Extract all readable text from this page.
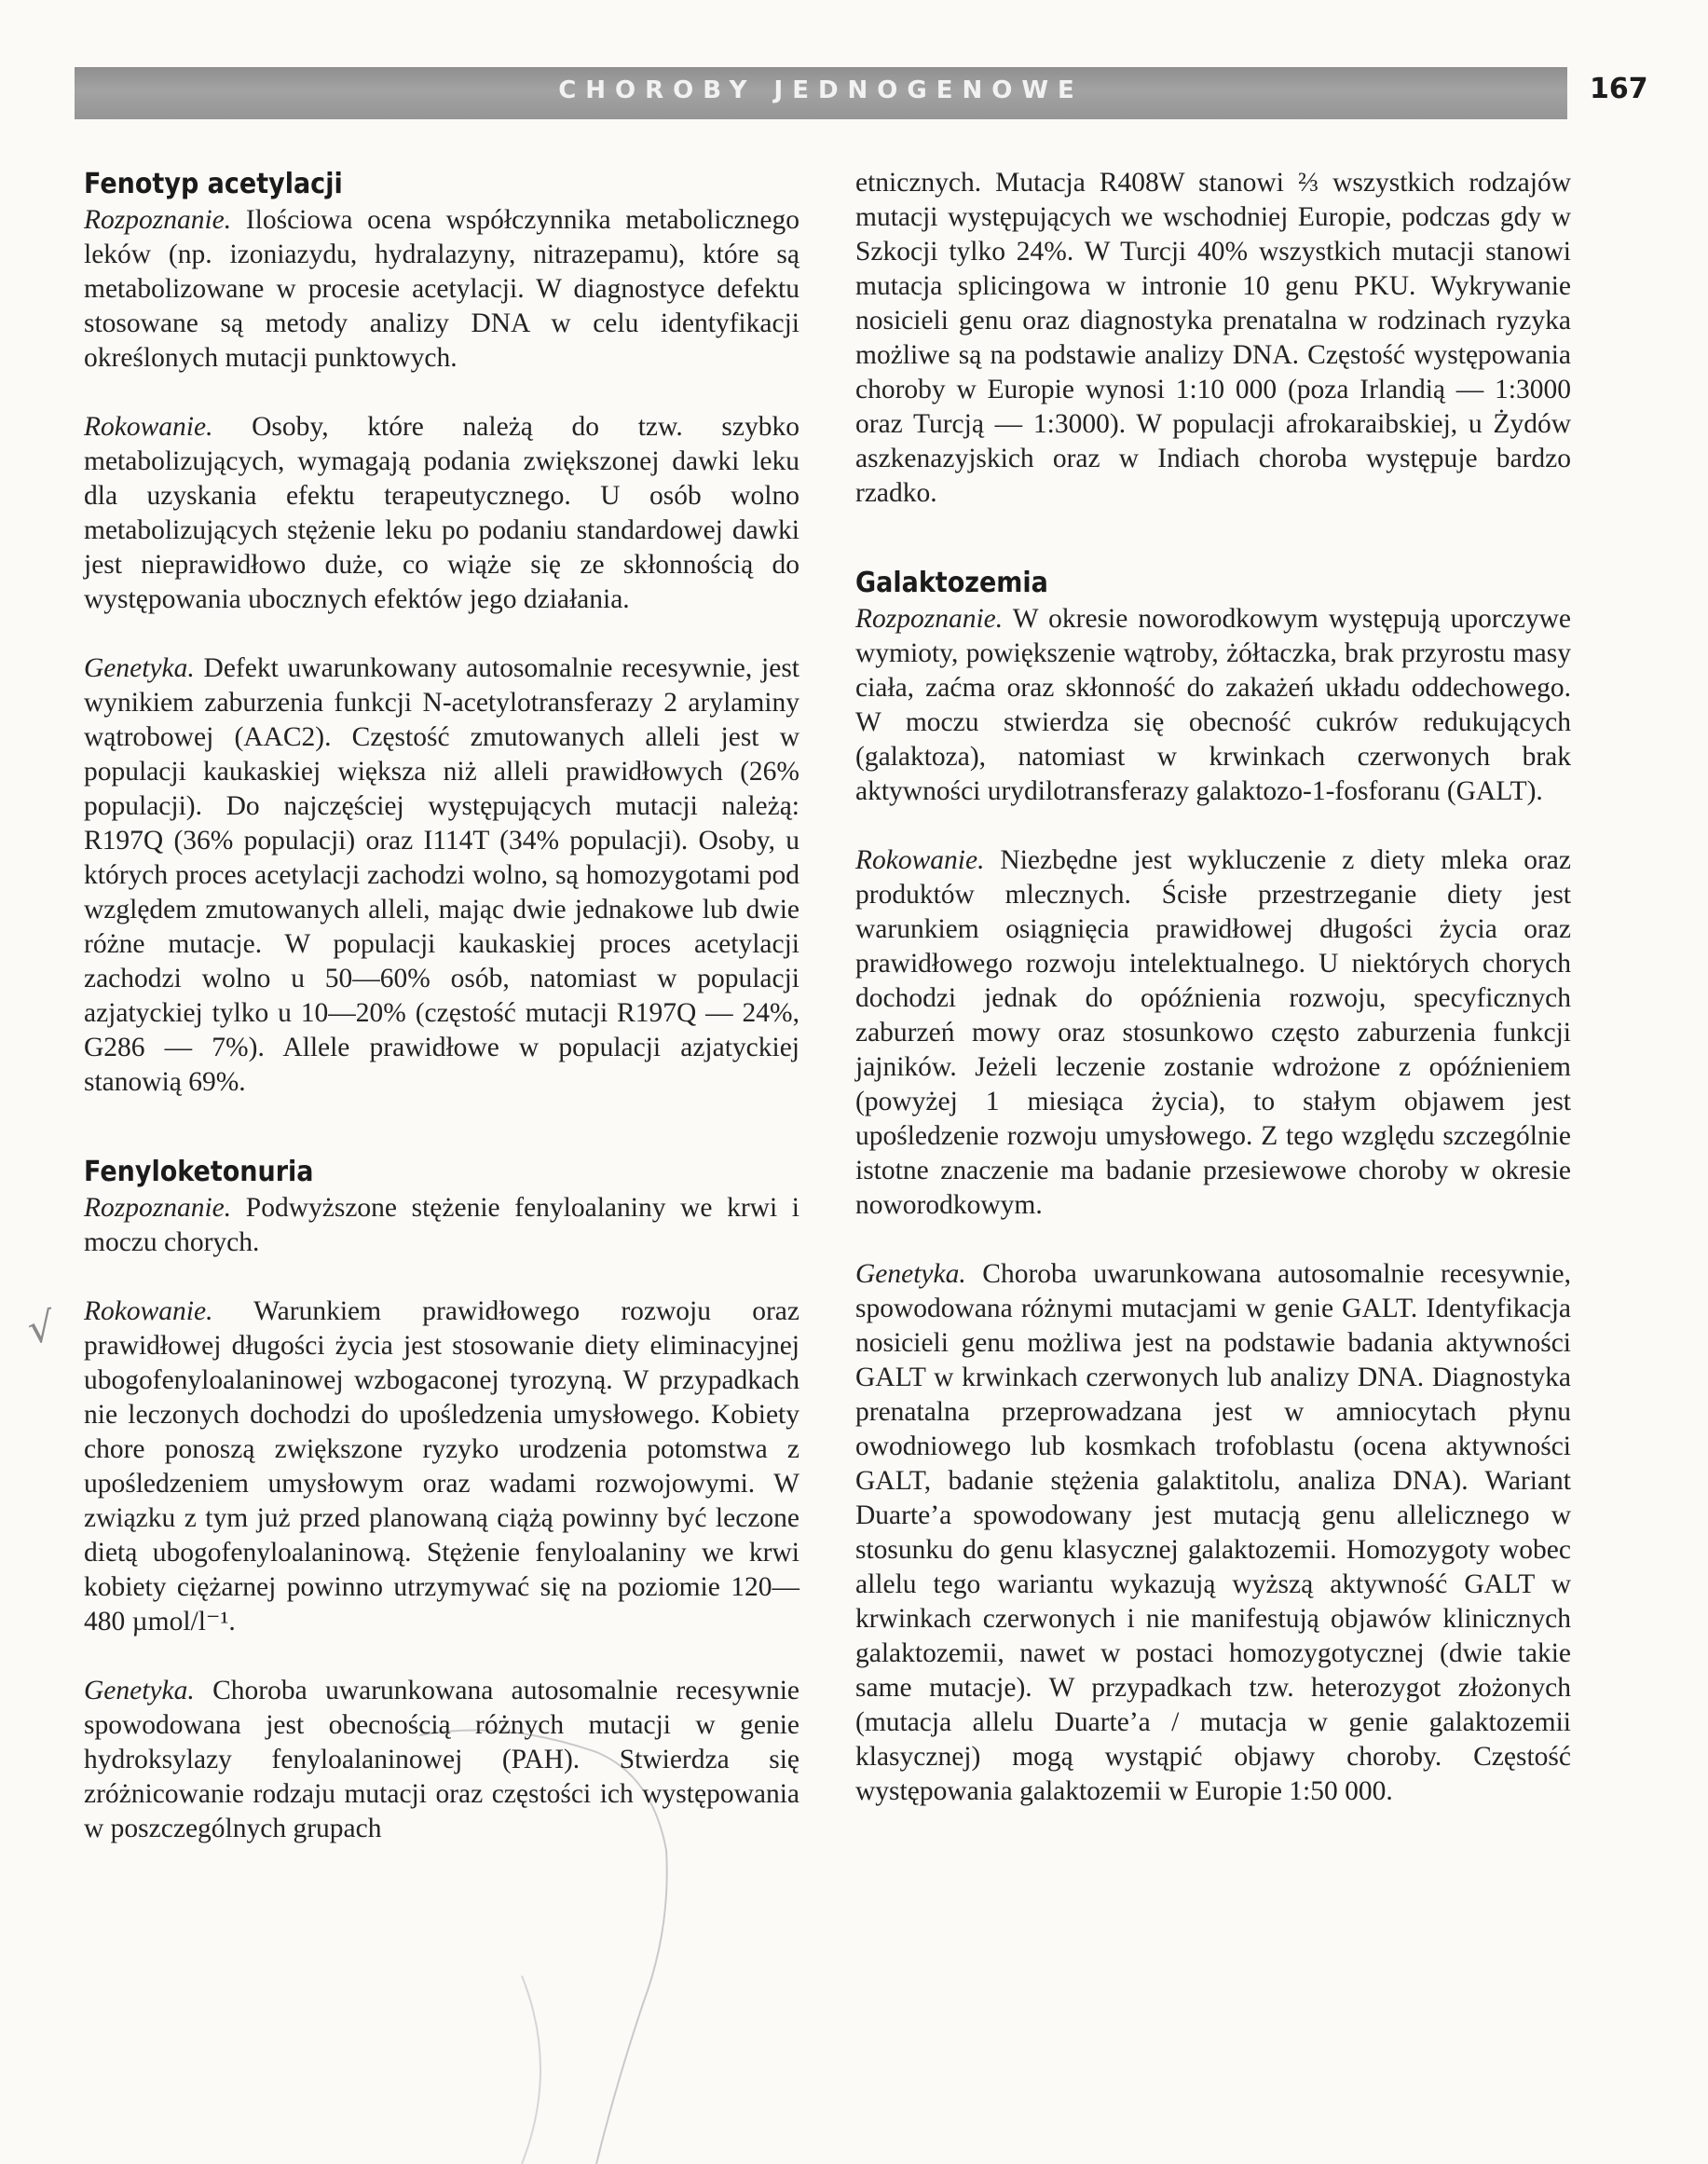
CHOROBY JEDNOGENOWE	167
√
Fenotyp acetylacji

Rozpoznanie. Ilościowa ocena współczynnika metabolicznego leków (np. izoniazydu, hydralazyny, nitrazepamu), które są metabolizowane w procesie acetylacji. W diagnostyce defektu stosowane są metody analizy DNA w celu identyfikacji określonych mutacji punktowych.

Rokowanie. Osoby, które należą do tzw. szybko metabolizujących, wymagają podania zwiększonej dawki leku dla uzyskania efektu terapeutycznego. U osób wolno metabolizujących stężenie leku po podaniu standardowej dawki jest nieprawidłowo duże, co wiąże się ze skłonnością do występowania ubocznych efektów jego działania.

Genetyka. Defekt uwarunkowany autosomalnie recesywnie, jest wynikiem zaburzenia funkcji N-acetylotransferazy 2 arylaminy wątrobowej (AAC2). Częstość zmutowanych alleli jest w populacji kaukaskiej większa niż alleli prawidłowych (26% populacji). Do najczęściej występujących mutacji należą: R197Q (36% populacji) oraz I114T (34% populacji). Osoby, u których proces acetylacji zachodzi wolno, są homozygotami pod względem zmutowanych alleli, mając dwie jednakowe lub dwie różne mutacje. W populacji kaukaskiej proces acetylacji zachodzi wolno u 50—60% osób, natomiast w populacji azjatyckiej tylko u 10—20% (częstość mutacji R197Q — 24%, G286 — 7%). Allele prawidłowe w populacji azjatyckiej stanowią 69%.

Fenyloketonuria

Rozpoznanie. Podwyższone stężenie fenyloalaniny we krwi i moczu chorych.

Rokowanie. Warunkiem prawidłowego rozwoju oraz prawidłowej długości życia jest stosowanie diety eliminacyjnej ubogofenyloalaninowej wzbogaconej tyrozyną. W przypadkach nie leczonych dochodzi do upośledzenia umysłowego. Kobiety chore ponoszą zwiększone ryzyko urodzenia potomstwa z upośledzeniem umysłowym oraz wadami rozwojowymi. W związku z tym już przed planowaną ciążą powinny być leczone dietą ubogofenyloalaninową. Stężenie fenyloalaniny we krwi kobiety ciężarnej powinno utrzymywać się na poziomie 120—480 µmol/l⁻¹.

Genetyka. Choroba uwarunkowana autosomalnie recesywnie spowodowana jest obecnością różnych mutacji w genie hydroksylazy fenyloalaninowej (PAH). Stwierdza się zróżnicowanie rodzaju mutacji oraz częstości ich występowania w poszczególnych grupach

etnicznych. Mutacja R408W stanowi ⅔ wszystkich rodzajów mutacji występujących we wschodniej Europie, podczas gdy w Szkocji tylko 24%. W Turcji 40% wszystkich mutacji stanowi mutacja splicingowa w intronie 10 genu PKU. Wykrywanie nosicieli genu oraz diagnostyka prenatalna w rodzinach ryzyka możliwe są na podstawie analizy DNA. Częstość występowania choroby w Europie wynosi 1:10 000 (poza Irlandią — 1:3000 oraz Turcją — 1:3000). W populacji afrokaraibskiej, u Żydów aszkenazyjskich oraz w Indiach choroba występuje bardzo rzadko.

Galaktozemia

Rozpoznanie. W okresie noworodkowym występują uporczywe wymioty, powiększenie wątroby, żółtaczka, brak przyrostu masy ciała, zaćma oraz skłonność do zakażeń układu oddechowego. W moczu stwierdza się obecność cukrów redukujących (galaktoza), natomiast w krwinkach czerwonych brak aktywności urydilotransferazy galaktozo-1-fosforanu (GALT).

Rokowanie. Niezbędne jest wykluczenie z diety mleka oraz produktów mlecznych. Ścisłe przestrzeganie diety jest warunkiem osiągnięcia prawidłowej długości życia oraz prawidłowego rozwoju intelektualnego. U niektórych chorych dochodzi jednak do opóźnienia rozwoju, specyficznych zaburzeń mowy oraz stosunkowo często zaburzenia funkcji jajników. Jeżeli leczenie zostanie wdrożone z opóźnieniem (powyżej 1 miesiąca życia), to stałym objawem jest upośledzenie rozwoju umysłowego. Z tego względu szczególnie istotne znaczenie ma badanie przesiewowe choroby w okresie noworodkowym.

Genetyka. Choroba uwarunkowana autosomalnie recesywnie, spowodowana różnymi mutacjami w genie GALT. Identyfikacja nosicieli genu możliwa jest na podstawie badania aktywności GALT w krwinkach czerwonych lub analizy DNA. Diagnostyka prenatalna przeprowadzana jest w amniocytach płynu owodniowego lub kosmkach trofoblastu (ocena aktywności GALT, badanie stężenia galaktitolu, analiza DNA). Wariant Duarte’a spowodowany jest mutacją genu allelicznego w stosunku do genu klasycznej galaktozemii. Homozygoty wobec allelu tego wariantu wykazują wyższą aktywność GALT w krwinkach czerwonych i nie manifestują objawów klinicznych galaktozemii, nawet w postaci homozygotycznej (dwie takie same mutacje). W przypadkach tzw. heterozygot złożonych (mutacja allelu Duarte’a / mutacja w genie galaktozemii klasycznej) mogą wystąpić objawy choroby. Częstość występowania galaktozemii w Europie 1:50 000.
